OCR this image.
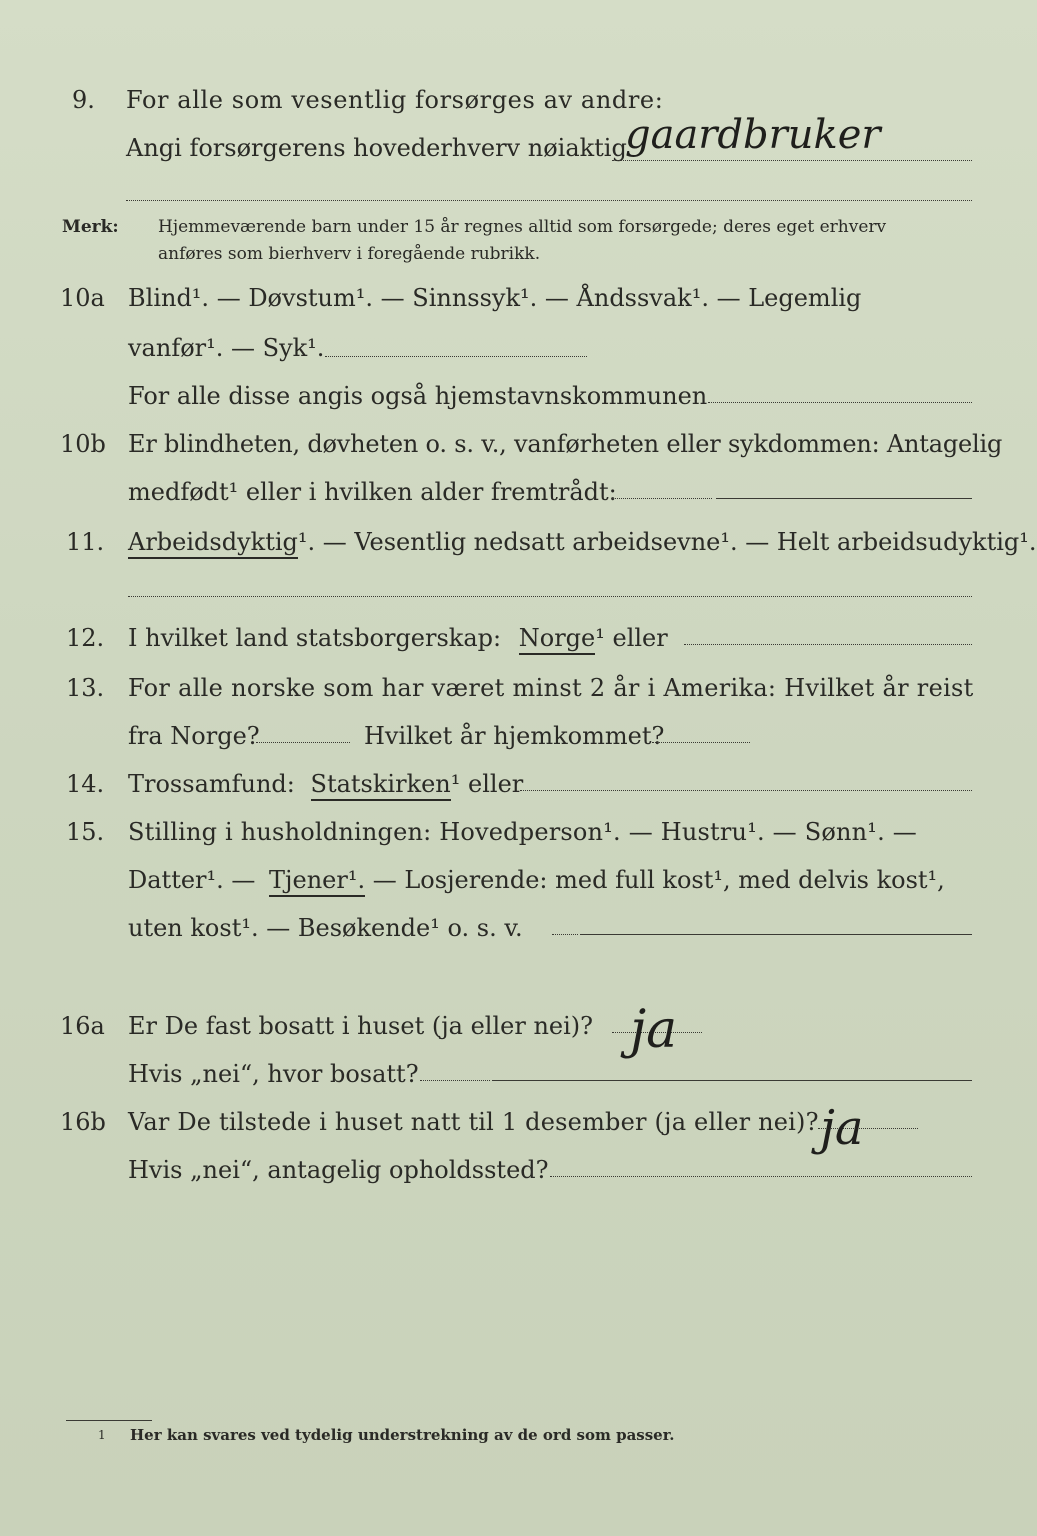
9. For alle som vesentlig forsørges av andre:
Angi forsørgerens hovederhverv nøiaktig
gaardbruker
Merk: Hjemmeværende barn under 15 år regnes alltid som forsørgede; deres eget erhverv
anføres som bierhverv i foregående rubrikk.
10a Blind¹. — Døvstum¹. — Sinnssyk¹. — Åndssvak¹. — Legemlig
vanfør¹. — Syk¹.
For alle disse angis også hjemstavnskommunen
10b Er blindheten, døvheten o. s. v., vanførheten eller sykdommen: Antagelig
medfødt¹ eller i hvilken alder fremtrådt:
11. Arbeidsdyktig¹. — Vesentlig nedsatt arbeidsevne¹. — Helt arbeidsudyktig¹.
12. I hvilket land statsborgerskap: Norge¹ eller
13. For alle norske som har været minst 2 år i Amerika: Hvilket år reist
fra Norge?	Hvilket år hjemkommet?
14. Trossamfund: Statskirken¹ eller
15. Stilling i husholdningen: Hovedperson¹. — Hustru¹. — Sønn¹. —
Datter¹. — Tjener¹. — Losjerende: med full kost¹, med delvis kost¹,
uten kost¹. — Besøkende¹ o. s. v.
16a Er De fast bosatt i huset (ja eller nei)? ja
Hvis „nei“, hvor bosatt?
16b Var De tilstede i huset natt til 1 desember (ja eller nei)? ja
Hvis „nei“, antagelig opholdssted?
1 Her kan svares ved tydelig understrekning av de ord som passer.
